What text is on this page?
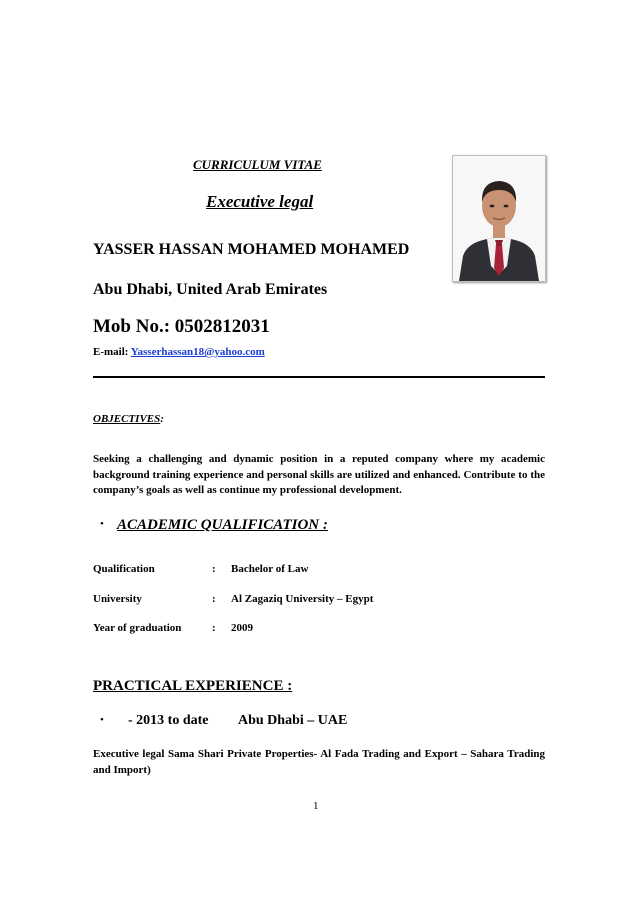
CURRICULUM VITAE
Executive legal
YASSER HASSAN MOHAMED MOHAMED
Abu Dhabi, United Arab Emirates
Mob No.: 0502812031
E-mail: Yasserhassan18@yahoo.com
OBJECTIVES:
Seeking a challenging and dynamic position in a reputed company where my academic background training experience and personal skills are utilized and enhanced. Contribute to the company’s goals as well as continue my professional development.
• ACADEMIC QUALIFICATION :
Qualification	: Bachelor of Law
University	: Al Zagaziq University – Egypt
Year of graduation	: 2009
PRACTICAL EXPERIENCE :
• - 2013 to date Abu Dhabi – UAE
Executive legal Sama Shari Private Properties- Al Fada Trading and Export – Sahara Trading and Import)
1
